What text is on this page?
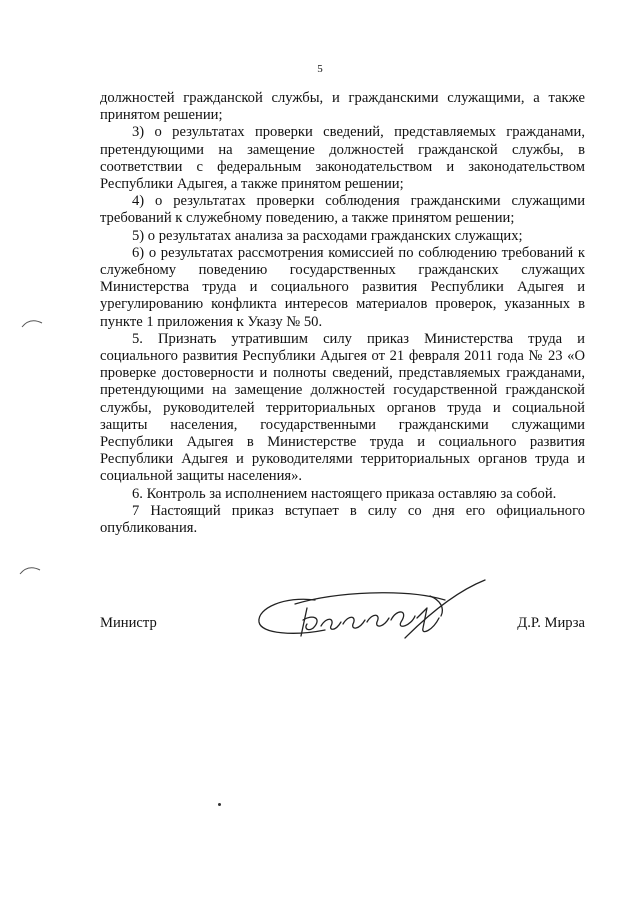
5

должностей гражданской службы, и гражданскими служащими, а также принятом решении;

3) о результатах проверки сведений, представляемых гражданами, претендующими на замещение должностей гражданской службы, в соответствии с федеральным законодательством и законодательством Республики Адыгея, а также принятом решении;

4) о результатах проверки соблюдения гражданскими служащими требований к служебному поведению, а также принятом решении;

5) о результатах анализа за расходами гражданских служащих;

6) о результатах рассмотрения комиссией по соблюдению требований к служебному поведению государственных гражданских служащих Министерства труда и социального развития Республики Адыгея и урегулированию конфликта интересов материалов проверок, указанных в пункте 1 приложения к Указу № 50.

5. Признать утратившим силу приказ Министерства труда и социального развития Республики Адыгея от 21 февраля 2011 года № 23 «О проверке достоверности и полноты сведений, представляемых гражданами, претендующими на замещение должностей государственной гражданской службы, руководителей территориальных органов труда и социальной защиты населения, государственными гражданскими служащими Республики Адыгея в Министерстве труда и социального развития Республики Адыгея и руководителями территориальных органов труда и социальной защиты населения».

6. Контроль за исполнением настоящего приказа оставляю за собой.

7 Настоящий приказ вступает в силу со дня его официального опубликования.

Министр	Д.Р. Мирза
